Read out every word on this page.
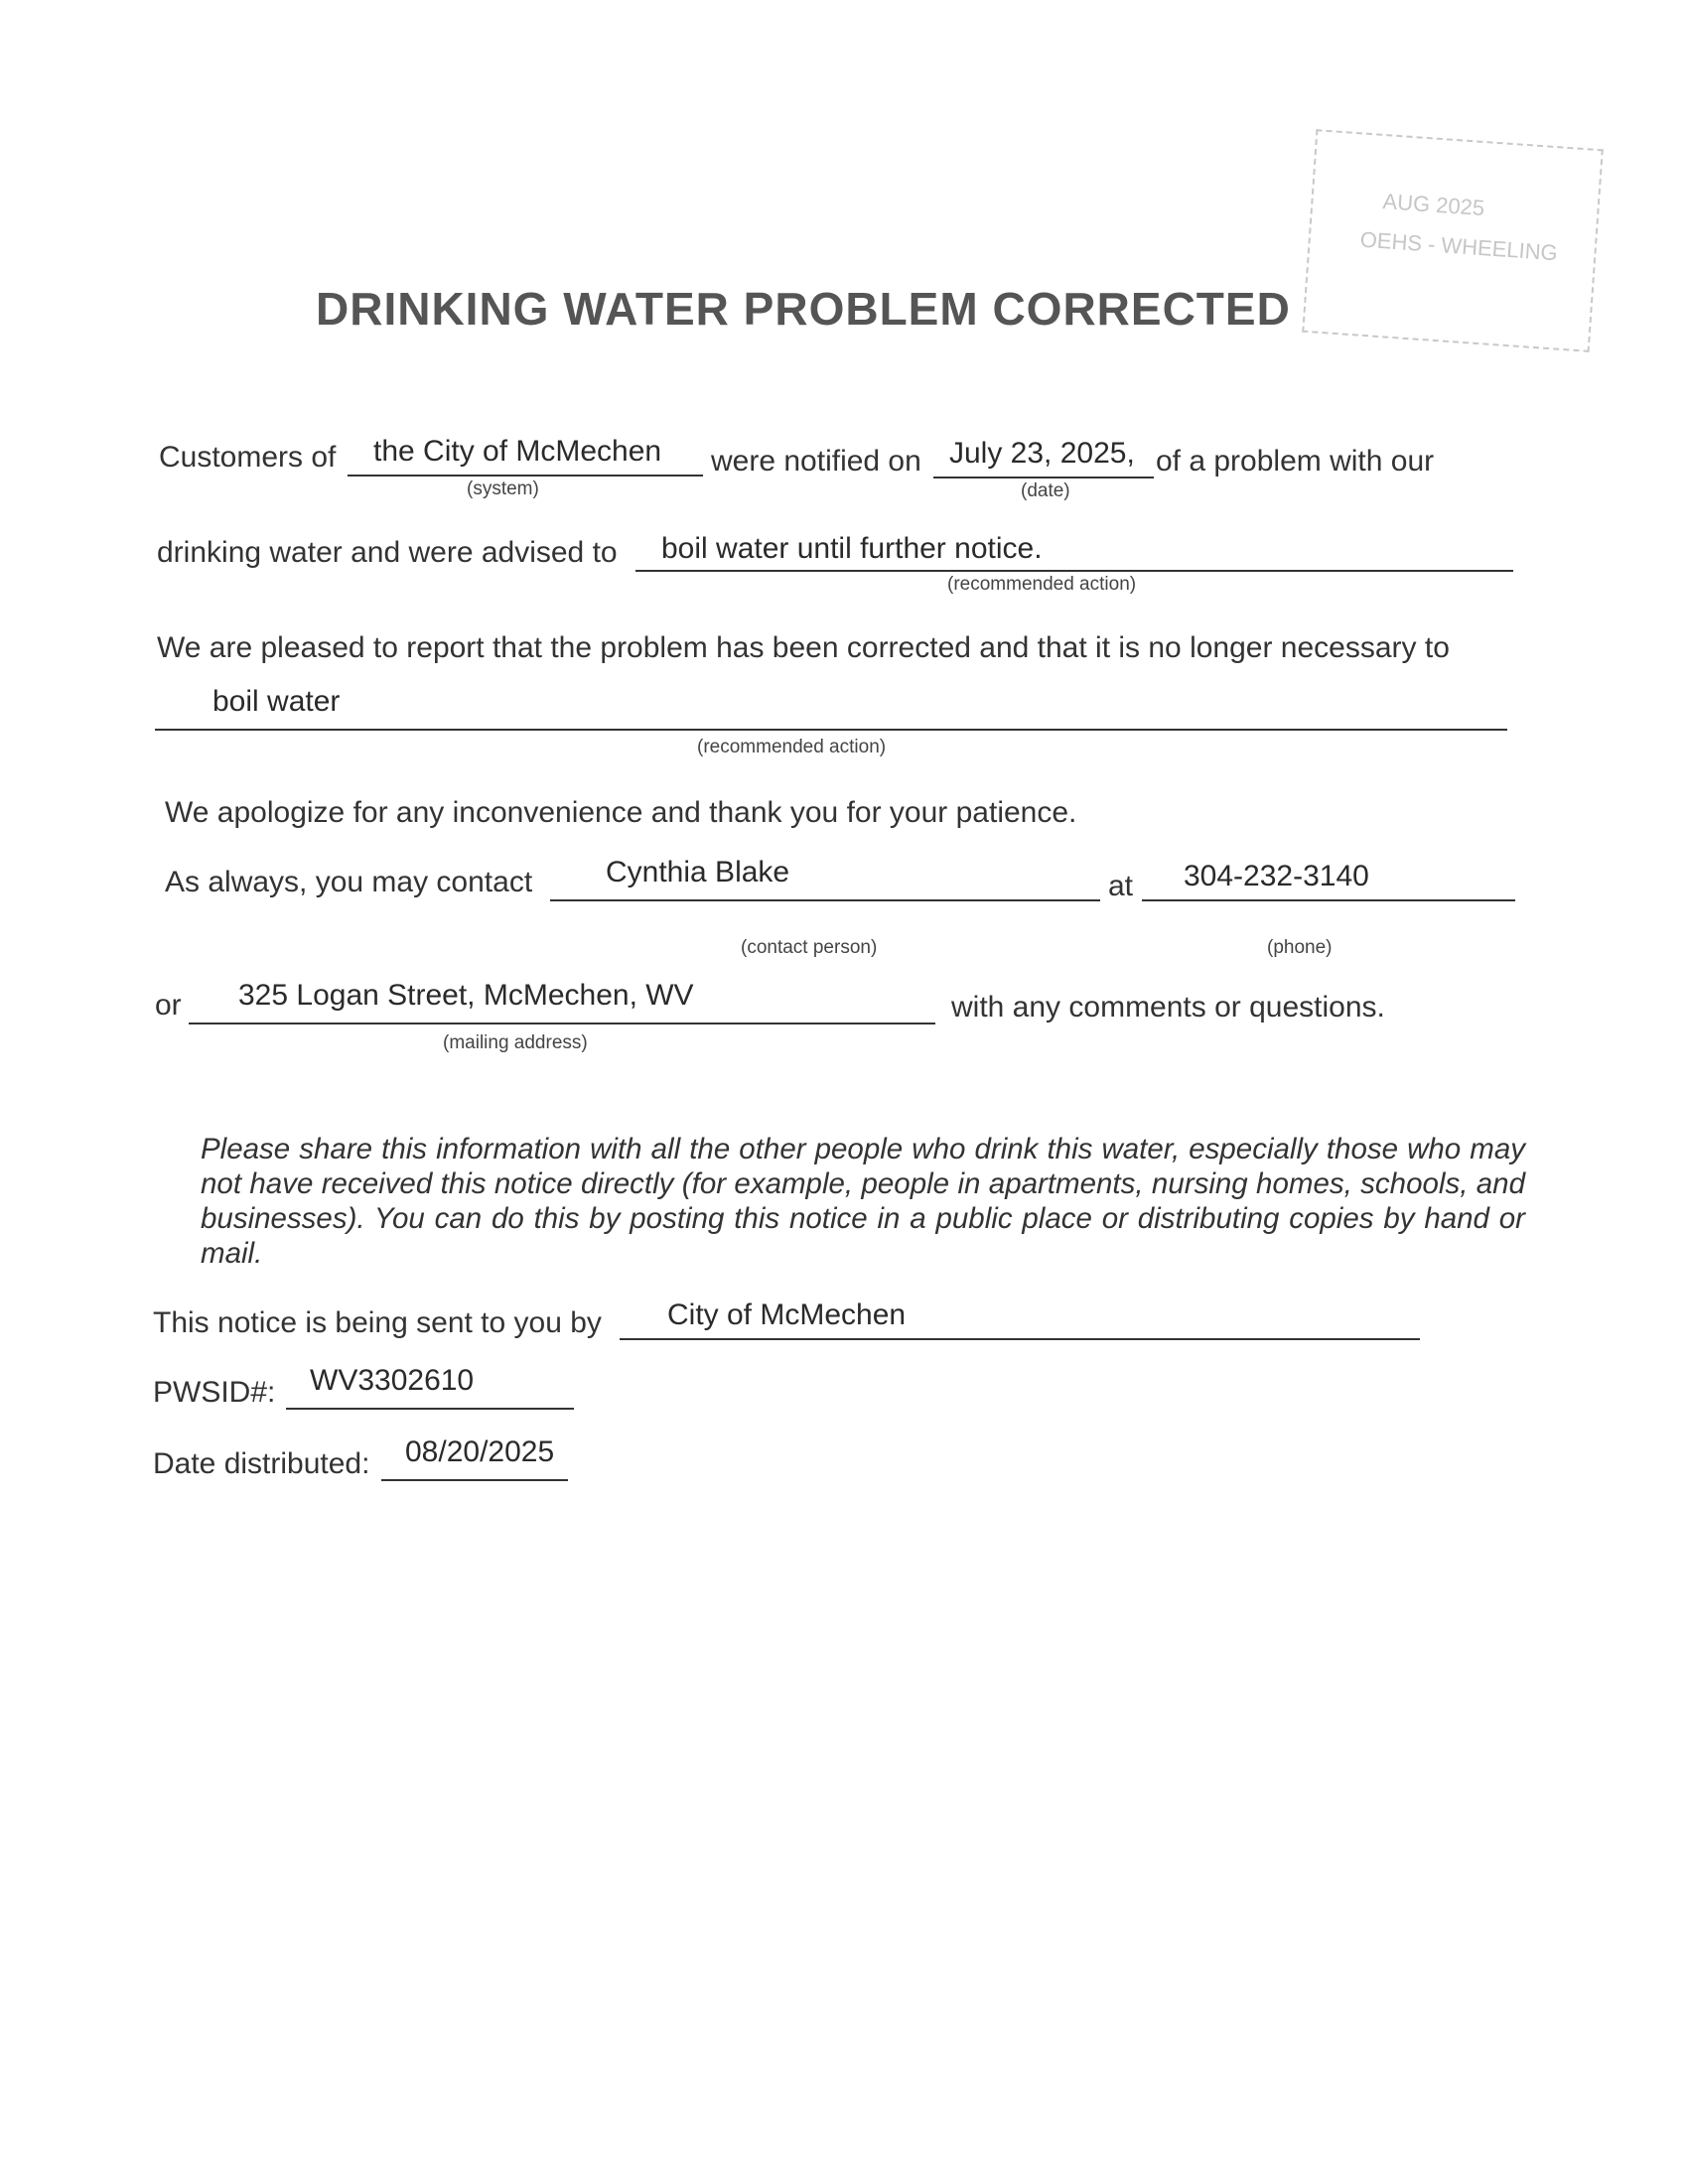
AUG 2025
OEHS - WHEELING
DRINKING WATER PROBLEM CORRECTED
Customers of the City of McMechen
(system)
were notified on July 23, 2025,
(date)
of a problem with our
drinking water and were advised to boil water until further notice.
(recommended action)
We are pleased to report that the problem has been corrected and that it is no longer necessary to
boil water
(recommended action)
We apologize for any inconvenience and thank you for your patience.
As always, you may contact Cynthia Blake	at 304-232-3140
(contact person)	(phone)
or 325 Logan Street, McMechen, WV
(mailing address)
with any comments or questions.
Please share this information with all the other people who drink this water, especially those who may not have received this notice directly (for example, people in apartments, nursing homes, schools, and businesses). You can do this by posting this notice in a public place or distributing copies by hand or mail.
This notice is being sent to you by City of McMechen
PWSID#: WV3302610
Date distributed: 08/20/2025
